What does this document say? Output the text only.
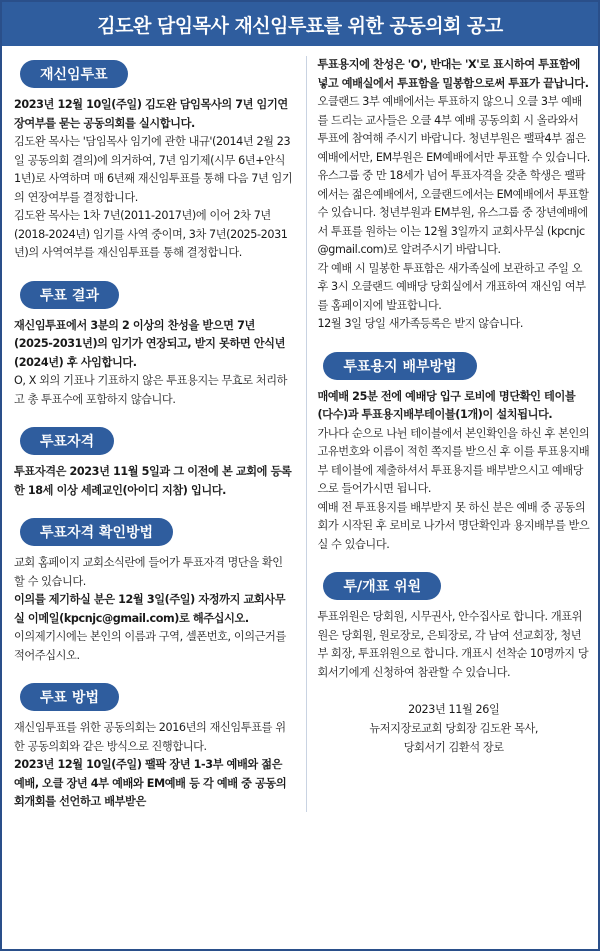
김도완 담임목사 재신임투표를 위한 공동의회 공고
재신임투표

2023년 12월 10일(주일) 김도완 담임목사의 7년 임기연장여부를 묻는 공동의회를 실시합니다.

김도완 목사는 '담임목사 임기에 관한 내규'(2014년 2월 23일 공동의회 결의)에 의거하여, 7년 임기제(시무 6년+안식 1년)로 사역하며 매 6년째 재신임투표를 통해 다음 7년 임기의 연장여부를 결정합니다.

김도완 목사는 1차 7년(2011-2017년)에 이어 2차 7년(2018-2024년) 임기를 사역 중이며, 3차 7년(2025-2031년)의 사역여부를 재신임투표를 통해 결정합니다.

투표 결과

재신임투표에서 3분의 2 이상의 찬성을 받으면 7년(2025-2031년)의 임기가 연장되고, 받지 못하면 안식년(2024년) 후 사임합니다.

O, X 외의 기표나 기표하지 않은 투표용지는 무효로 처리하고 총 투표수에 포함하지 않습니다.

투표자격

투표자격은 2023년 11월 5일과 그 이전에 본 교회에 등록한 18세 이상 세례교인(아이디 지참) 입니다.

투표자격 확인방법

교회 홈페이지 교회소식란에 들어가 투표자격 명단을 확인할 수 있습니다.

이의를 제기하실 분은 12월 3일(주일) 자정까지 교회사무실 이메일(kpcnjc@gmail.com)로 해주십시오.

이의제기시에는 본인의 이름과 구역, 셀폰번호, 이의근거를 적어주십시오.

투표 방법

재신임투표를 위한 공동의회는 2016년의 재신임투표를 위한 공동의회와 같은 방식으로 진행합니다.

2023년 12월 10일(주일) 팰팍 장년 1-3부 예배와 젊은 예배, 오클 장년 4부 예배와 EM예배 등 각 예배 중 공동의회개회를 선언하고 배부받은

투표용지에 찬성은 'O', 반대는 'X'로 표시하여 투표함에 넣고 예배실에서 투표함을 밀봉함으로써 투표가 끝납니다.

오클랜드 3부 예배에서는 투표하지 않으니 오클 3부 예배를 드리는 교사들은 오클 4부 예배 공동의회 시 올라와서 투표에 참여해 주시기 바랍니다. 청년부원은 팰팍4부 젊은예배에서만, EM부원은 EM예배에서만 투표할 수 있습니다. 유스그룹 중 만 18세가 넘어 투표자격을 갖춘 학생은 팰팍에서는 젊은예배에서, 오클랜드에서는 EM예배에서 투표할 수 있습니다. 청년부원과 EM부원, 유스그룹 중 장년예배에서 투표를 원하는 이는 12월 3일까지 교회사무실 (kpcnjc @gmail.com)로 알려주시기 바랍니다.

각 예배 시 밀봉한 투표함은 새가족실에 보관하고 주일 오후 3시 오클랜드 예배당 당회실에서 개표하여 재신임 여부를 홈페이지에 발표합니다.

12월 3일 당일 새가족등록은 받지 않습니다.

투표용지 배부방법

매예배 25분 전에 예배당 입구 로비에 명단확인 테이블(다수)과 투표용지배부테이블(1개)이 설치됩니다.

가나다 순으로 나뉜 테이블에서 본인확인을 하신 후 본인의 고유번호와 이름이 적힌 쪽지를 받으신 후 이를 투표용지배부 테이블에 제출하셔서 투표용지를 배부받으시고 예배당으로 들어가시면 됩니다.

예배 전 투표용지를 배부받지 못 하신 분은 예배 중 공동의회가 시작된 후 로비로 나가서 명단확인과 용지배부를 받으실 수 있습니다.

투/개표 위원

투표위원은 당회원, 시무권사, 안수집사로 합니다. 개표위원은 당회원, 원로장로, 은퇴장로, 각 남여 선교회장, 청년부 회장, 투표위원으로 합니다. 개표시 선착순 10명까지 당회서기에게 신청하여 참관할 수 있습니다.

2023년 11월 26일
뉴저지장로교회 당회장 김도완 목사,
당회서기 김환석 장로
